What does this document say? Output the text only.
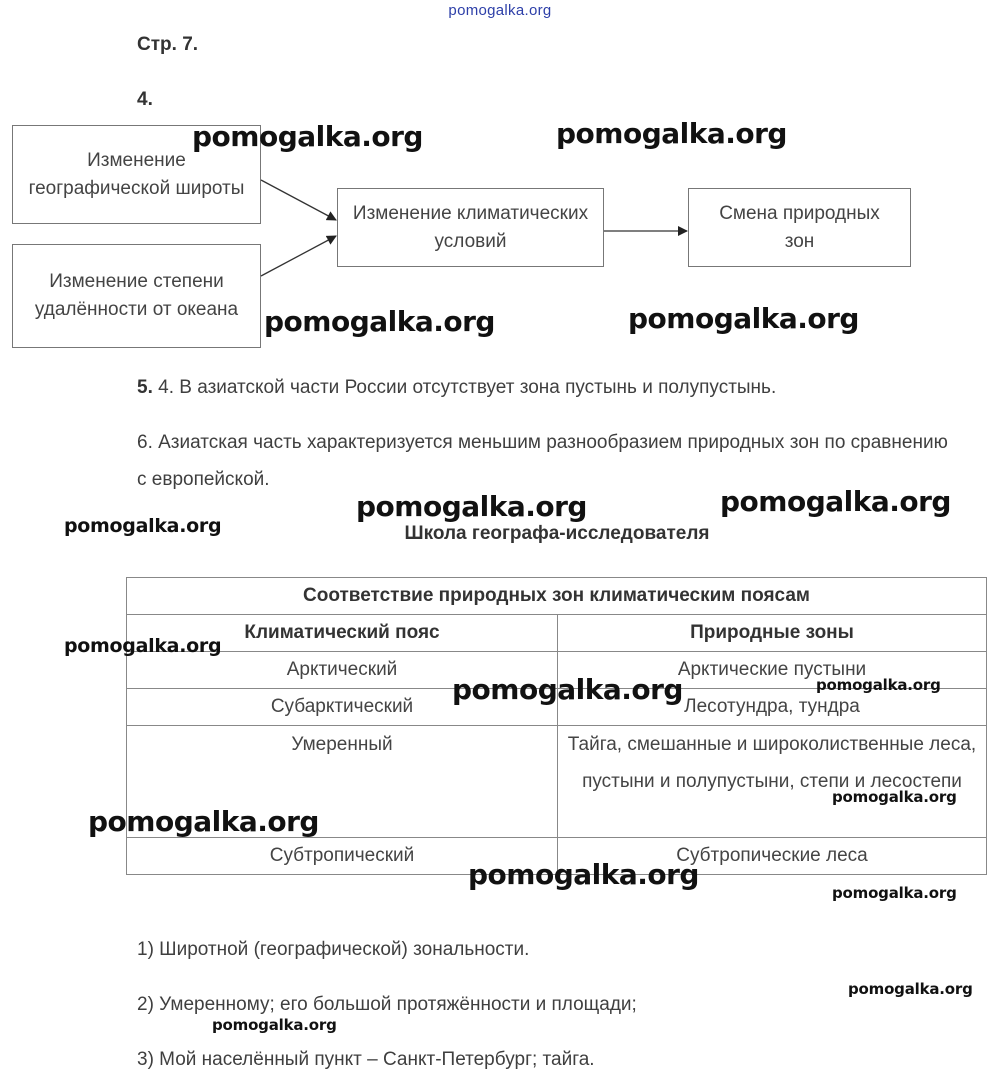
pomogalka.org
Стр. 7.
4.
Изменение географической широты
Изменение степени удалённости от океана
Изменение климатических условий
Смена природных зон
5. 4. В азиатской части России отсутствует зона пустынь и полупустынь.
6. Азиатская часть характеризуется меньшим разнообразием природных зон по сравнению с европейской.
Школа географа-исследователя
Соответствие природных зон климатическим поясам	
Климатический пояс	Природные зоны
Арктический	Арктические пустыни
Субарктический	Лесотундра, тундра
Умеренный	Тайга, смешанные и широколиственные леса, пустыни и полупустыни, степи и лесостепи
Субтропический	Субтропические леса
1) Широтной (географической) зональности.
2) Умеренному; его большой протяжённости и площади;
3) Мой населённый пункт – Санкт-Петербург; тайга.
pomogalka.org	pomogalka.org
pomogalka.org	pomogalka.org
pomogalka.org	pomogalka.org
pomogalka.org
pomogalka.org
pomogalka.org	pomogalka.org
pomogalka.org
pomogalka.org
pomogalka.org
pomogalka.org
pomogalka.org
pomogalka.org
